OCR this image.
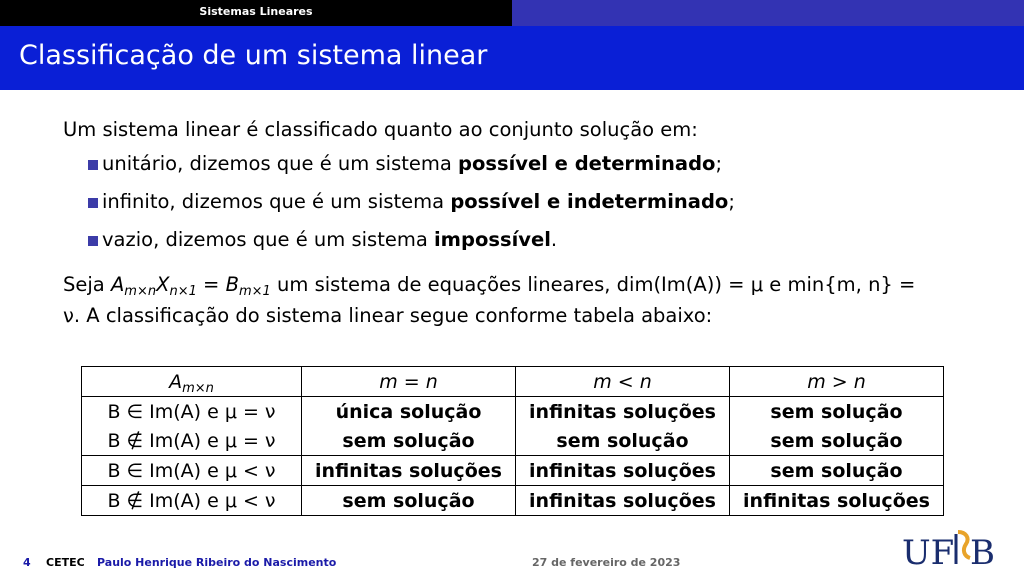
Sistemas Lineares
Classificação de um sistema linear

Um sistema linear é classificado quanto ao conjunto solução em:

unitário, dizemos que é um sistema possível e determinado;
infinito, dizemos que é um sistema possível e indeterminado;
vazio, dizemos que é um sistema impossível.
Seja $A_{m\times n}X_{n\times 1} = B_{m\times 1}$ um sistema de equações lineares, dim(Im(A)) = μ e min{m, n} =
ν. A classificação do sistema linear segue conforme tabela abaixo:
$A_{m\times n}$	m = n	m < n	m > n
B ∈ Im(A) e μ = ν	única solução	infinitas soluções	sem solução
B ∉ Im(A) e μ = ν	sem solução	sem solução	sem solução
B ∈ Im(A) e μ < ν	infinitas soluções	infinitas soluções	sem solução
B ∉ Im(A) e μ < ν	sem solução	infinitas soluções	infinitas soluções
4 CETEC Paulo Henrique Ribeiro do Nascimento	27 de fevereiro de 2023	UF B
